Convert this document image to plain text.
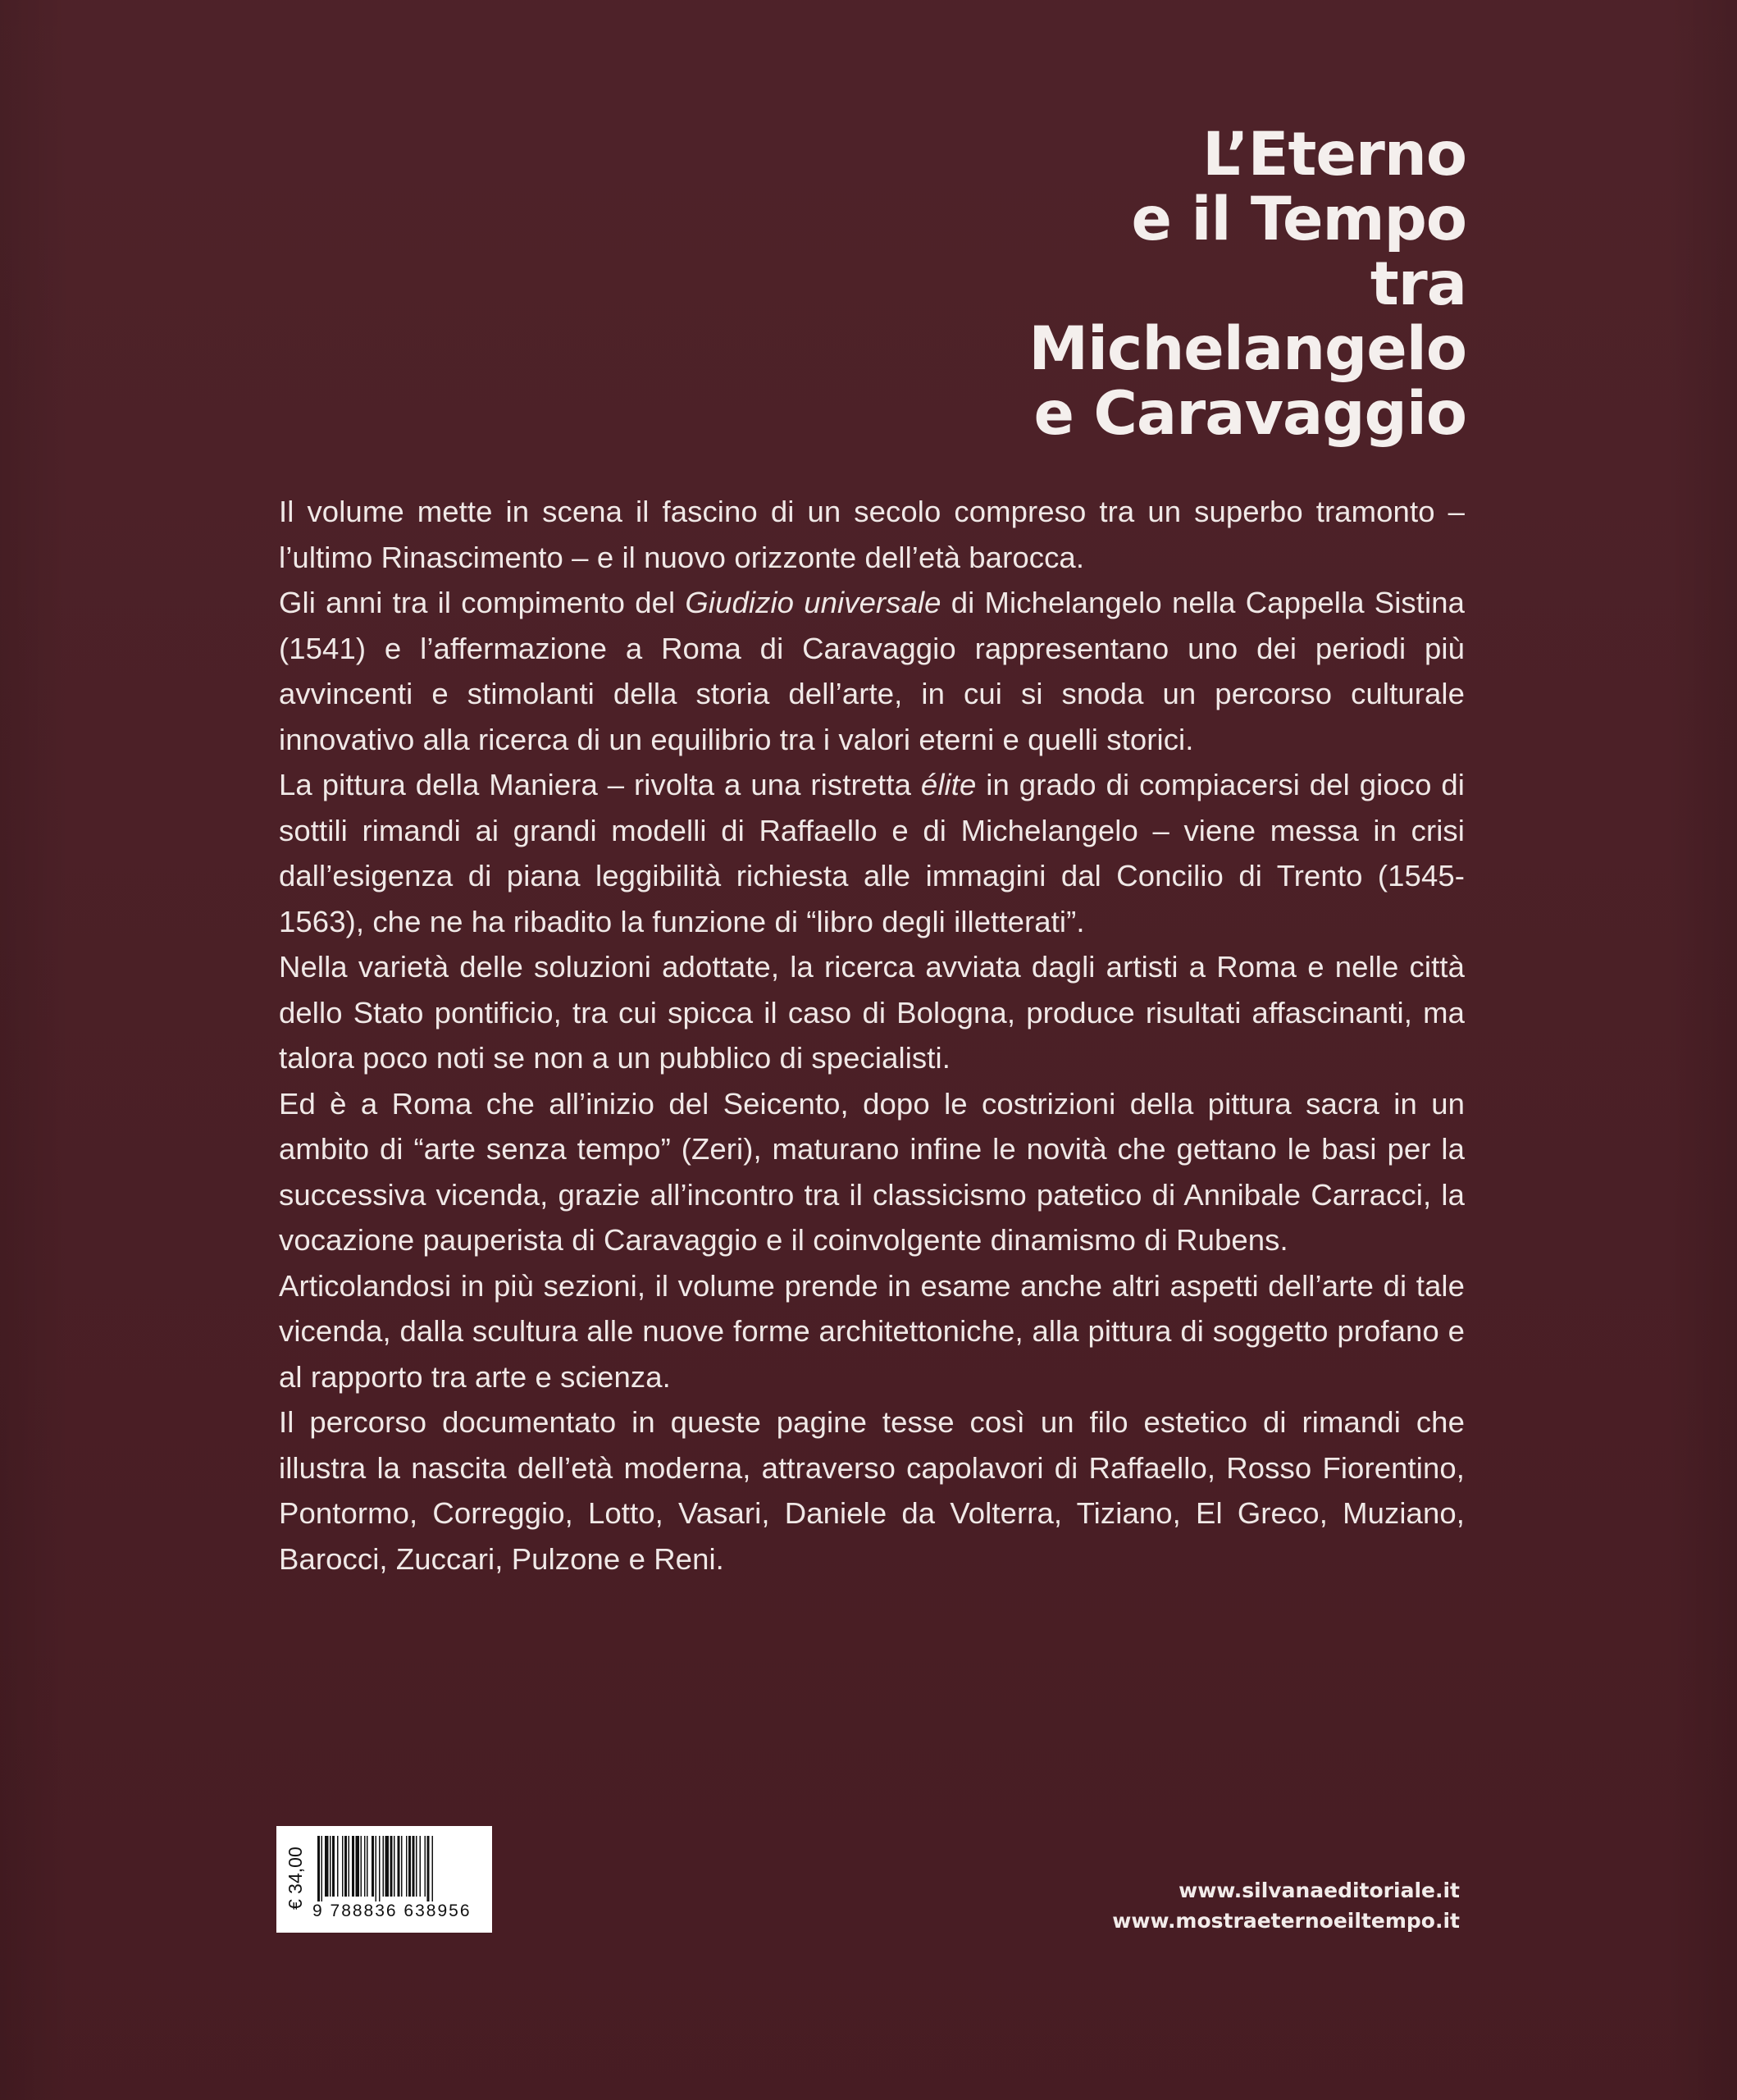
L’Eterno
e il Tempo
tra
Michelangelo
e Caravaggio

Il volume mette in scena il fascino di un secolo compreso tra un superbo tramonto – l’ultimo Rinascimento – e il nuovo orizzonte dell’età barocca.

Gli anni tra il compimento del Giudizio universale di Michelangelo nella Cappella Sistina (1541) e l’affermazione a Roma di Caravaggio rappresentano uno dei periodi più avvincenti e stimolanti della storia dell’arte, in cui si snoda un percorso culturale innovativo alla ricerca di un equilibrio tra i valori eterni e quelli storici.

La pittura della Maniera – rivolta a una ristretta élite in grado di compiacersi del gioco di sottili rimandi ai grandi modelli di Raffaello e di Michelangelo – viene messa in crisi dall’esigenza di piana leggibilità richiesta alle immagini dal Concilio di Trento (1545-1563), che ne ha ribadito la funzione di “libro degli illetterati”.

Nella varietà delle soluzioni adottate, la ricerca avviata dagli artisti a Roma e nelle città dello Stato pontificio, tra cui spicca il caso di Bologna, produce risultati affascinanti, ma talora poco noti se non a un pubblico di specialisti.

Ed è a Roma che all’inizio del Seicento, dopo le costrizioni della pittura sacra in un ambito di “arte senza tempo” (Zeri), maturano infine le novità che gettano le basi per la successiva vicenda, grazie all’incontro tra il classicismo patetico di Annibale Carracci, la vocazione pauperista di Caravaggio e il coinvolgente dinamismo di Rubens.

Articolandosi in più sezioni, il volume prende in esame anche altri aspetti dell’arte di tale vicenda, dalla scultura alle nuove forme architettoniche, alla pittura di soggetto profano e al rapporto tra arte e scienza.

Il percorso documentato in queste pagine tesse così un filo estetico di rimandi che illustra la nascita dell’età moderna, attraverso capolavori di Raffaello, Rosso Fiorentino, Pontormo, Correggio, Lotto, Vasari, Daniele da Volterra, Tiziano, El Greco, Muziano, Barocci, Zuccari, Pulzone e Reni.

€ 34,00
9 788836 638956
www.silvanaeditoriale.it
www.mostraeternoeiltempo.it
